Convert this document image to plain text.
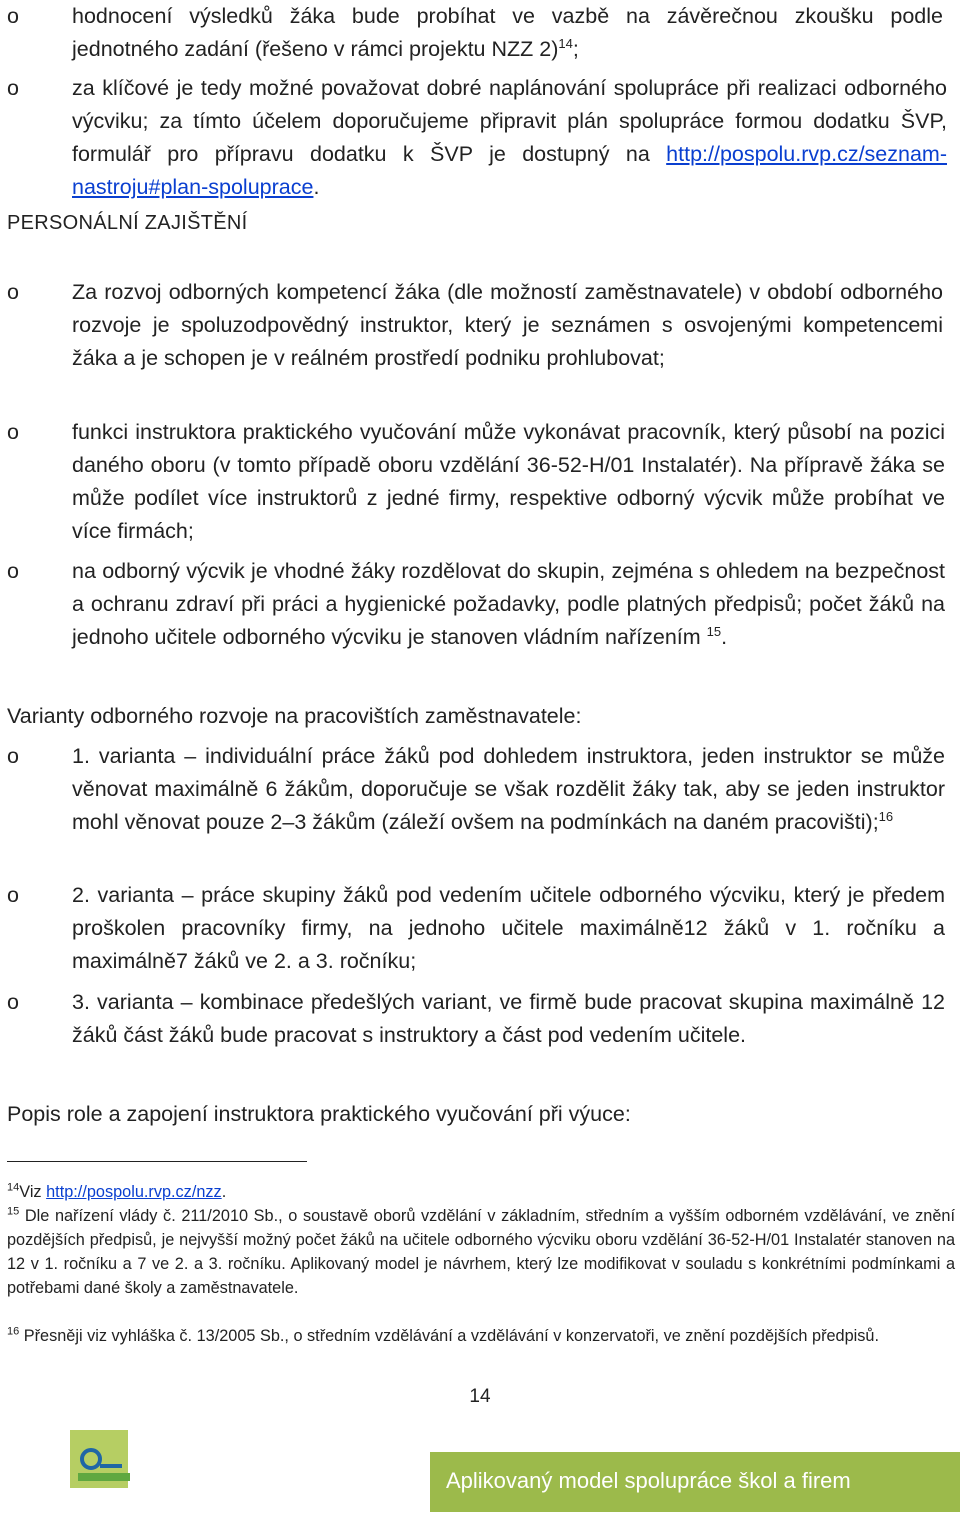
o hodnocení výsledků žáka bude probíhat ve vazbě na závěrečnou zkoušku podle jednotného zadání (řešeno v rámci projektu NZZ 2)$^{14}$;
o za klíčové je tedy možné považovat dobré naplánování spolupráce při realizaci odborného výcviku; za tímto účelem doporučujeme připravit plán spolupráce formou dodatku ŠVP, formulář pro přípravu dodatku k ŠVP je dostupný na http://pospolu.rvp.cz/seznam-nastroju#plan-spoluprace.
PERSONÁLNÍ ZAJIŠTĚNÍ
o Za rozvoj odborných kompetencí žáka (dle možností zaměstnavatele) v období odborného rozvoje je spoluzodpovědný instruktor, který je seznámen s osvojenými kompetencemi žáka a je schopen je v reálném prostředí podniku prohlubovat;
o funkci instruktora praktického vyučování může vykonávat pracovník, který působí na pozici daného oboru (v tomto případě oboru vzdělání 36-52-H/01 Instalatér). Na přípravě žáka se může podílet více instruktorů z jedné firmy, respektive odborný výcvik může probíhat ve více firmách;
o na odborný výcvik je vhodné žáky rozdělovat do skupin, zejména s ohledem na bezpečnost a ochranu zdraví při práci a hygienické požadavky, podle platných předpisů; počet žáků na jednoho učitele odborného výcviku je stanoven vládním nařízením $^{15}$.
Varianty odborného rozvoje na pracovištích zaměstnavatele:
o 1. varianta – individuální práce žáků pod dohledem instruktora, jeden instruktor se může věnovat maximálně 6 žákům, doporučuje se však rozdělit žáky tak, aby se jeden instruktor mohl věnovat pouze 2–3 žákům (záleží ovšem na podmínkách na daném pracovišti);$^{16}$
o 2. varianta – práce skupiny žáků pod vedením učitele odborného výcviku, který je předem proškolen pracovníky firmy, na jednoho učitele maximálně12 žáků v 1. ročníku a maximálně7 žáků ve 2. a 3. ročníku;
o 3. varianta – kombinace předešlých variant, ve firmě bude pracovat skupina maximálně 12 žáků část žáků bude pracovat s instruktory a část pod vedením učitele.
Popis role a zapojení instruktora praktického vyučování při výuce:
$^{14}$Viz http://pospolu.rvp.cz/nzz.
$^{15}$ Dle nařízení vlády č. 211/2010 Sb., o soustavě oborů vzdělání v základním, středním a vyšším odborném vzdělávání, ve znění pozdějších předpisů, je nejvyšší možný počet žáků na učitele odborného výcviku oboru vzdělání 36-52-H/01 Instalatér stanoven na 12 v 1. ročníku a 7 ve 2. a 3. ročníku. Aplikovaný model je návrhem, který lze modifikovat v souladu s konkrétními podmínkami a potřebami dané školy a zaměstnavatele.
$^{16}$ Přesněji viz vyhláška č. 13/2005 Sb., o středním vzdělávání a vzdělávání v konzervatoři, ve znění pozdějších předpisů.
14
Aplikovaný model spolupráce škol a firem
